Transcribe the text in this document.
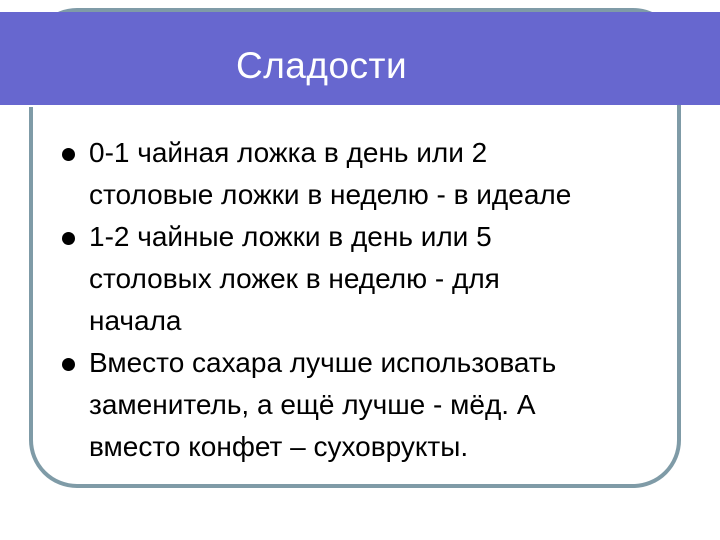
Сладости
0-1 чайная ложка в день или 2
столовые ложки в неделю - в идеале
1-2 чайные ложки в день или 5
столовых ложек в неделю - для
начала
Вместо сахара лучше использовать
заменитель, а ещё лучше - мёд. А
вместо конфет – суховрукты.
